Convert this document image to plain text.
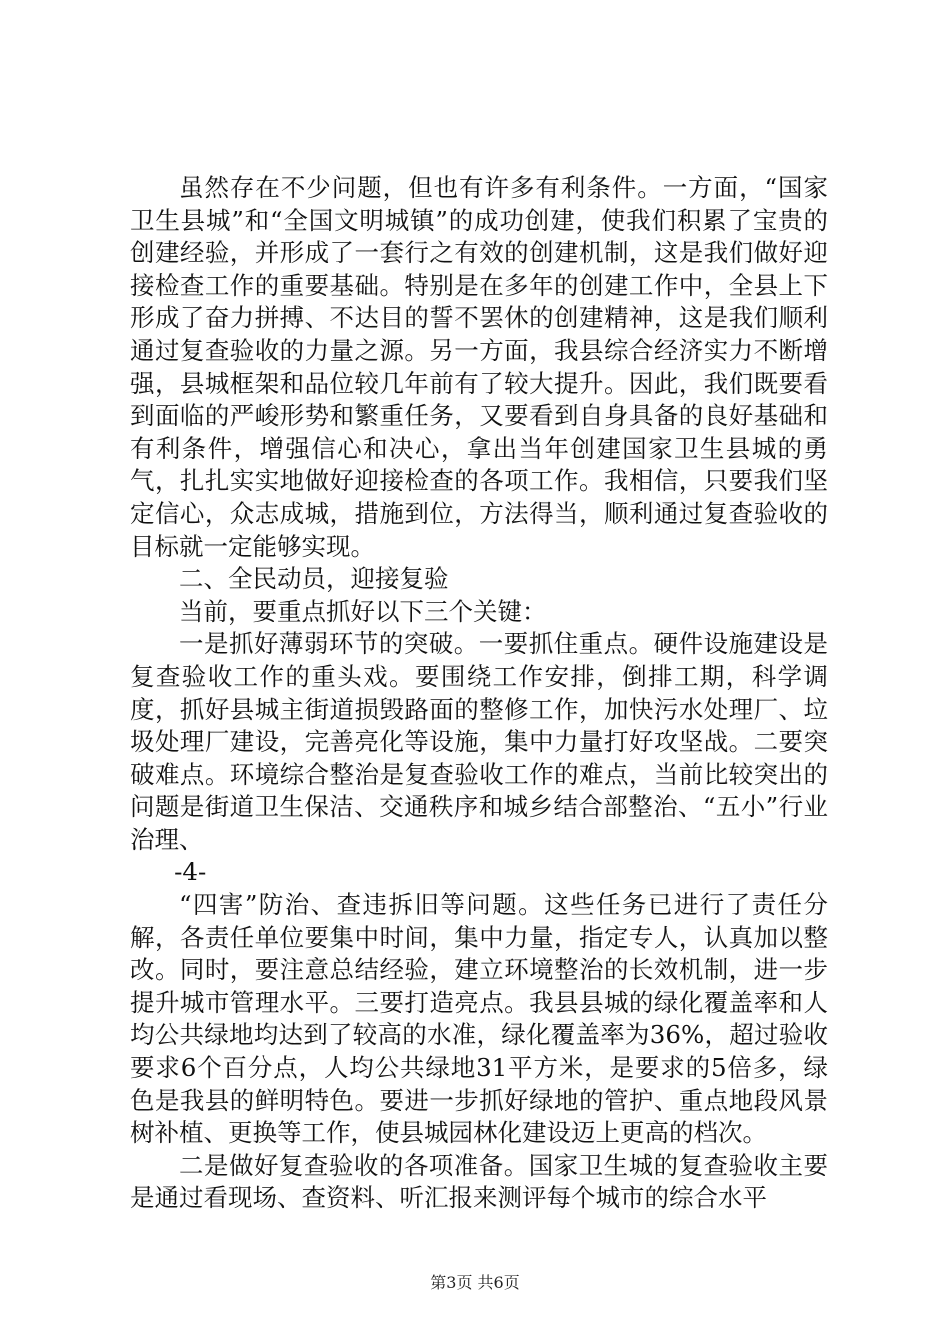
虽然存在不少问题，但也有许多有利条件。一方面，“国家卫生县城”和“全国文明城镇”的成功创建，使我们积累了宝贵的创建经验，并形成了一套行之有效的创建机制，这是我们做好迎接检查工作的重要基础。特别是在多年的创建工作中，全县上下形成了奋力拼搏、不达目的誓不罢休的创建精神，这是我们顺利通过复查验收的力量之源。另一方面，我县综合经济实力不断增强，县城框架和品位较几年前有了较大提升。因此，我们既要看到面临的严峻形势和繁重任务，又要看到自身具备的良好基础和有利条件，增强信心和决心，拿出当年创建国家卫生县城的勇气，扎扎实实地做好迎接检查的各项工作。我相信，只要我们坚定信心，众志成城，措施到位，方法得当，顺利通过复查验收的目标就一定能够实现。

二、全民动员，迎接复验

当前，要重点抓好以下三个关键：

一是抓好薄弱环节的突破。一要抓住重点。硬件设施建设是复查验收工作的重头戏。要围绕工作安排，倒排工期，科学调度，抓好县城主街道损毁路面的整修工作，加快污水处理厂、垃圾处理厂建设，完善亮化等设施，集中力量打好攻坚战。二要突破难点。环境综合整治是复查验收工作的难点，当前比较突出的问题是街道卫生保洁、交通秩序和城乡结合部整治、“五小”行业治理、

-4-

“四害”防治、查违拆旧等问题。这些任务已进行了责任分解，各责任单位要集中时间，集中力量，指定专人，认真加以整改。同时，要注意总结经验，建立环境整治的长效机制，进一步提升城市管理水平。三要打造亮点。我县县城的绿化覆盖率和人均公共绿地均达到了较高的水准，绿化覆盖率为36%，超过验收要求6个百分点，人均公共绿地31平方米，是要求的5倍多，绿色是我县的鲜明特色。要进一步抓好绿地的管护、重点地段风景树补植、更换等工作，使县城园林化建设迈上更高的档次。

二是做好复查验收的各项准备。国家卫生城的复查验收主要是通过看现场、查资料、听汇报来测评每个城市的综合水平

第3页 共6页
